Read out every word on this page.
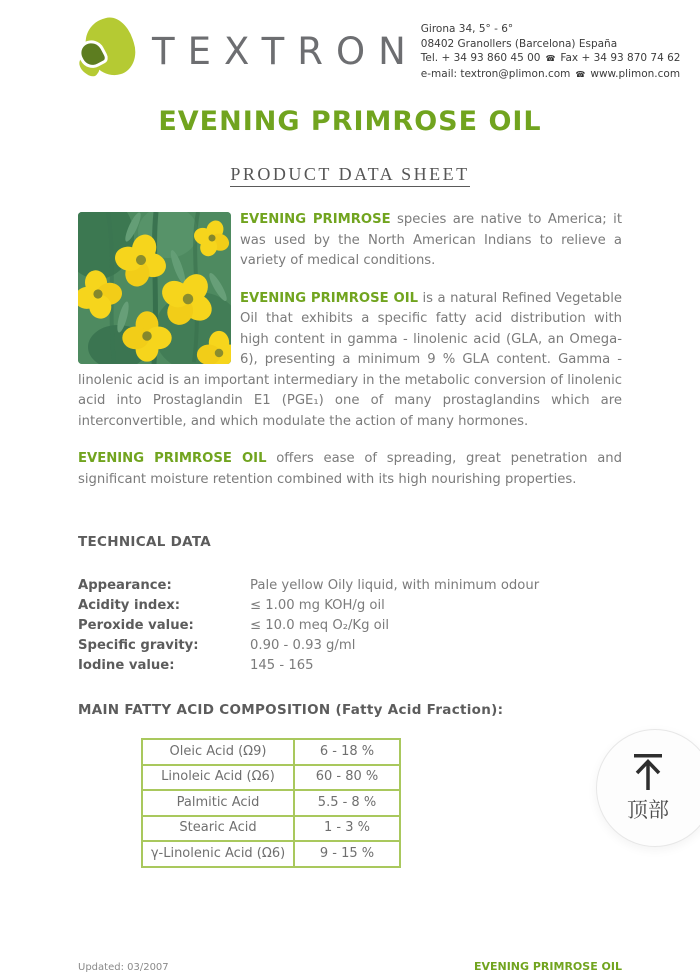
TEXTRON
Girona 34, 5° - 6°
08402 Granollers (Barcelona) España
Tel. + 34 93 860 45 00 ☎ Fax + 34 93 870 74 62
e-mail: textron@plimon.com ☎ www.plimon.com
EVENING PRIMROSE OIL
PRODUCT DATA SHEET

EVENING PRIMROSE species are native to America; it was used by the North American Indians to relieve a variety of medical conditions.

EVENING PRIMROSE OIL is a natural Refined Vegetable Oil that exhibits a specific fatty acid distribution with high content in gamma - linolenic acid (GLA, an Omega-6), presenting a minimum 9 % GLA content. Gamma - linolenic acid is an important intermediary in the metabolic conversion of linolenic acid into Prostaglandin E1 (PGE₁) one of many prostaglandins which are interconvertible, and which modulate the action of many hormones.

EVENING PRIMROSE OIL offers ease of spreading, great penetration and significant moisture retention combined with its high nourishing properties.

TECHNICAL DATA
Appearance:	Pale yellow Oily liquid, with minimum odour
Acidity index:	≤ 1.00 mg KOH/g oil
Peroxide value:	≤ 10.0 meq O₂/Kg oil
Specific gravity:	0.90 - 0.93 g/ml
Iodine value:	145 - 165
MAIN FATTY ACID COMPOSITION (Fatty Acid Fraction):
Oleic Acid (Ω9)	6 - 18 %
Linoleic Acid (Ω6)	60 - 80 %
Palmitic Acid	5.5 - 8 %
Stearic Acid	1 - 3 %
γ-Linolenic Acid (Ω6)	9 - 15 %
顶部
Updated: 03/2007	EVENING PRIMROSE OIL
